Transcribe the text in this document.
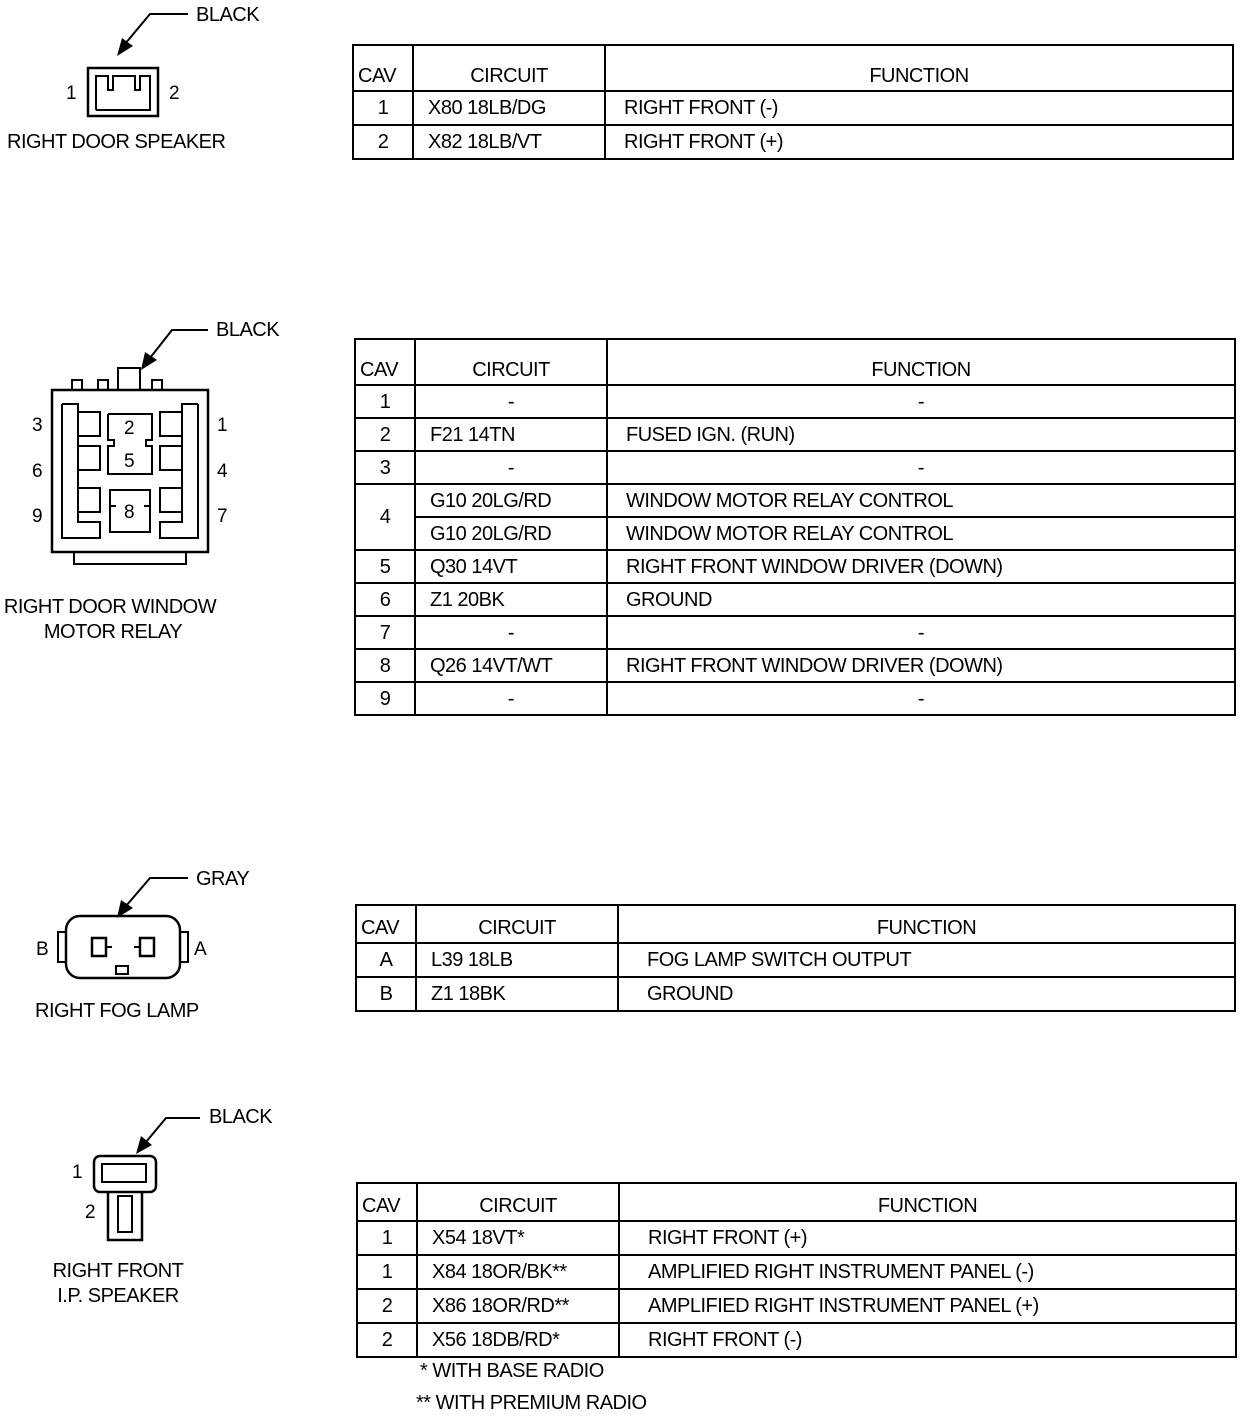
BLACK
1	2
RIGHT DOOR SPEAKER
CAV	CIRCUIT	FUNCTION
1	X80 18LB/DG	RIGHT FRONT (-)
2	X82 18LB/VT	RIGHT FRONT (+)
BLACK
3	1
2
5
6	4
9	8	7
RIGHT DOOR WINDOW
MOTOR RELAY
CAV	CIRCUIT	FUNCTION
1	-	-
2	F21 14TN	FUSED IGN. (RUN)
3	-	-
4	G10 20LG/RD	WINDOW MOTOR RELAY CONTROL
	G10 20LG/RD	WINDOW MOTOR RELAY CONTROL
5	Q30 14VT	RIGHT FRONT WINDOW DRIVER (DOWN)
6	Z1 20BK	GROUND
7	-	-
8	Q26 14VT/WT	RIGHT FRONT WINDOW DRIVER (DOWN)
9	-	-
GRAY
B	A
RIGHT FOG LAMP
CAV	CIRCUIT	FUNCTION
A	L39 18LB	FOG LAMP SWITCH OUTPUT
B	Z1 18BK	GROUND
BLACK
1
2
RIGHT FRONT
I.P. SPEAKER
CAV	CIRCUIT	FUNCTION
1	X54 18VT*	RIGHT FRONT (+)
1	X84 18OR/BK**	AMPLIFIED RIGHT INSTRUMENT PANEL (-)
2	X86 18OR/RD**	AMPLIFIED RIGHT INSTRUMENT PANEL (+)
2	X56 18DB/RD*	RIGHT FRONT (-)
* WITH BASE RADIO
** WITH PREMIUM RADIO
